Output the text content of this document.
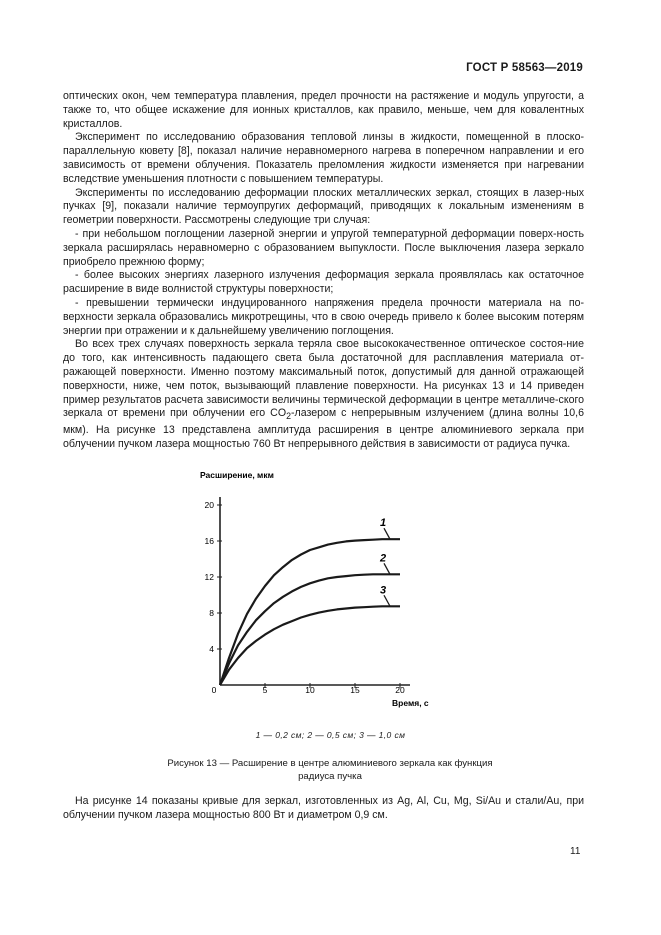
ГОСТ Р 58563—2019

оптических окон, чем температура плавления, предел прочности на растяжение и модуль упругости, а также то, что общее искажение для ионных кристаллов, как правило, меньше, чем для ковалентных кристаллов.

Эксперимент по исследованию образования тепловой линзы в жидкости, помещенной в плоско-параллельную кювету [8], показал наличие неравномерного нагрева в поперечном направлении и его зависимость от времени облучения. Показатель преломления жидкости изменяется при нагревании вследствие уменьшения плотности с повышением температуры.

Эксперименты по исследованию деформации плоских металлических зеркал, стоящих в лазер-ных пучках [9], показали наличие термоупругих деформаций, приводящих к локальным изменениям в геометрии поверхности. Рассмотрены следующие три случая:

- при небольшом поглощении лазерной энергии и упругой температурной деформации поверх-ность зеркала расширялась неравномерно с образованием выпуклости. После выключения лазера зеркало приобрело прежнюю форму;

- более высоких энергиях лазерного излучения деформация зеркала проявлялась как остаточное расширение в виде волнистой структуры поверхности;

- превышении термически индуцированного напряжения предела прочности материала на по-верхности зеркала образовались микротрещины, что в свою очередь привело к более высоким потерям энергии при отражении и к дальнейшему увеличению поглощения.

Во всех трех случаях поверхность зеркала теряла свое высококачественное оптическое состоя-ние до того, как интенсивность падающего света была достаточной для расплавления материала от-ражающей поверхности. Именно поэтому максимальный поток, допустимый для данной отражающей поверхности, ниже, чем поток, вызывающий плавление поверхности. На рисунках 13 и 14 приведен пример результатов расчета зависимости величины термической деформации в центре металличе-ского зеркала от времени при облучении его $CO_2$-лазером с непрерывным излучением (длина волны 10,6 мкм). На рисунке 13 представлена амплитуда расширения в центре алюминиевого зеркала при облучении пучком лазера мощностью 760 Вт непрерывного действия в зависимости от радиуса пучка.

4
8
12
16
20
0	5	10	15	20
1
2
3
Расширение, мкм
Время, с
1 — 0,2 см; 2 — 0,5 см; 3 — 1,0 см
Рисунок 13 — Расширение в центре алюминиевого зеркала как функция
радиуса пучка

На рисунке 14 показаны кривые для зеркал, изготовленных из Ag, Al, Cu, Mg, Si/Au и стали/Au, при облучении пучком лазера мощностью 800 Вт и диаметром 0,9 см.

11
